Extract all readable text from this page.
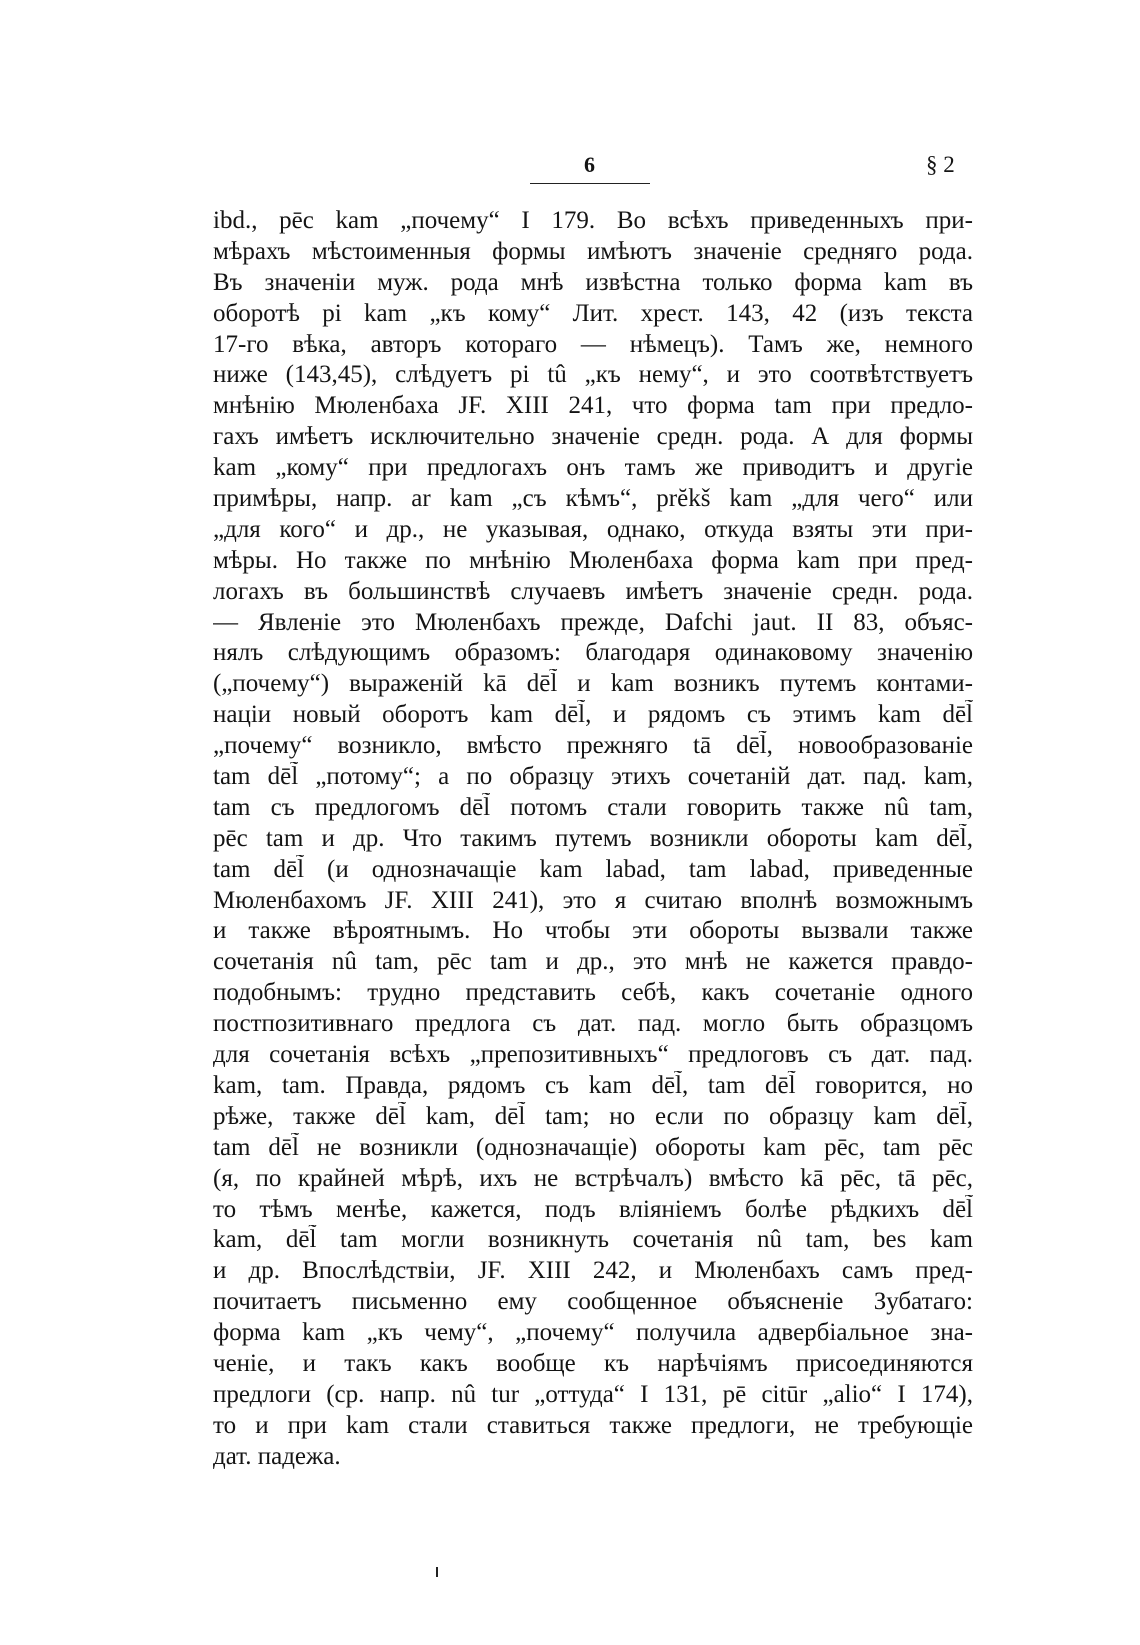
6	§ 2
ibd., pēc kam „почему“ I 179. Во всѣхъ приведенныхъ при-
мѣрахъ мѣстоименныя формы имѣютъ значеніе средняго рода.
Въ значеніи муж. рода мнѣ извѣстна только форма kam въ
оборотѣ pi kam „къ кому“ Лит. хрест. 143, 42 (изъ текста
17-го вѣка, авторъ котораго — нѣмецъ). Тамъ же, немного
ниже (143,45), слѣдуетъ pi tû „къ нему“, и это соотвѣтствуетъ
мнѣнію Мюленбаха JF. XIII 241, что форма tam при предло-
гахъ имѣетъ исключительно значеніе средн. рода. А для формы
kam „кому“ при предлогахъ онъ тамъ же приводитъ и другіе
примѣры, напр. ar kam „съ кѣмъ“, prĕkš kam „для чего“ или
„для кого“ и др., не указывая, однако, откуда взяты эти при-
мѣры. Но также по мнѣнію Мюленбаха форма kam при пред-
логахъ въ большинствѣ случаевъ имѣетъ значеніе средн. рода.
— Явленіе это Мюленбахъ прежде, Dafchi jaut. II 83, объяс-
нялъ слѣдующимъ образомъ: благодаря одинаковому значенію
(„почему“) выраженій kā dēl̃ и kam возникъ путемъ контами-
націи новый оборотъ kam dēl̃, и рядомъ съ этимъ kam dēl̃
„почему“ возникло, вмѣсто прежняго tā dēl̃, новообразованіе
tam dēl̃ „потому“; а по образцу этихъ сочетаній дат. пад. kam,
tam съ предлогомъ dēl̃ потомъ стали говорить также nû tam,
pēc tam и др. Что такимъ путемъ возникли обороты kam dēl̃,
tam dēl̃ (и однозначащіе kam labad, tam labad, приведенные
Мюленбахомъ JF. XIII 241), это я считаю вполнѣ возможнымъ
и также вѣроятнымъ. Но чтобы эти обороты вызвали также
сочетанія nû tam, pēc tam и др., это мнѣ не кажется правдо-
подобнымъ: трудно представить себѣ, какъ сочетаніе одного
постпозитивнаго предлога съ дат. пад. могло быть образцомъ
для сочетанія всѣхъ „препозитивныхъ“ предлоговъ съ дат. пад.
kam, tam. Правда, рядомъ съ kam dēl̃, tam dēl̃ говорится, но
рѣже, также dēl̃ kam, dēl̃ tam; но если по образцу kam dēl̃,
tam dēl̃ не возникли (однозначащіе) обороты kam pēc, tam pēc
(я, по крайней мѣрѣ, ихъ не встрѣчалъ) вмѣсто kā pēc, tā pēc,
то тѣмъ менѣе, кажется, подъ вліяніемъ болѣе рѣдкихъ dēl̃
kam, dēl̃ tam могли возникнуть сочетанія nû tam, bes kam
и др. Впослѣдствіи, JF. XIII 242, и Мюленбахъ самъ пред-
почитаетъ письменно ему сообщенное объясненіе Зубатаго:
форма kam „къ чему“, „почему“ получила адвербіальное зна-
ченіе, и такъ какъ вообще къ нарѣчіямъ присоединяются
предлоги (ср. напр. nû tur „оттуда“ I 131, pē citūr „alio“ I 174),
то и при kam стали ставиться также предлоги, не требующіе
дат. падежа.
